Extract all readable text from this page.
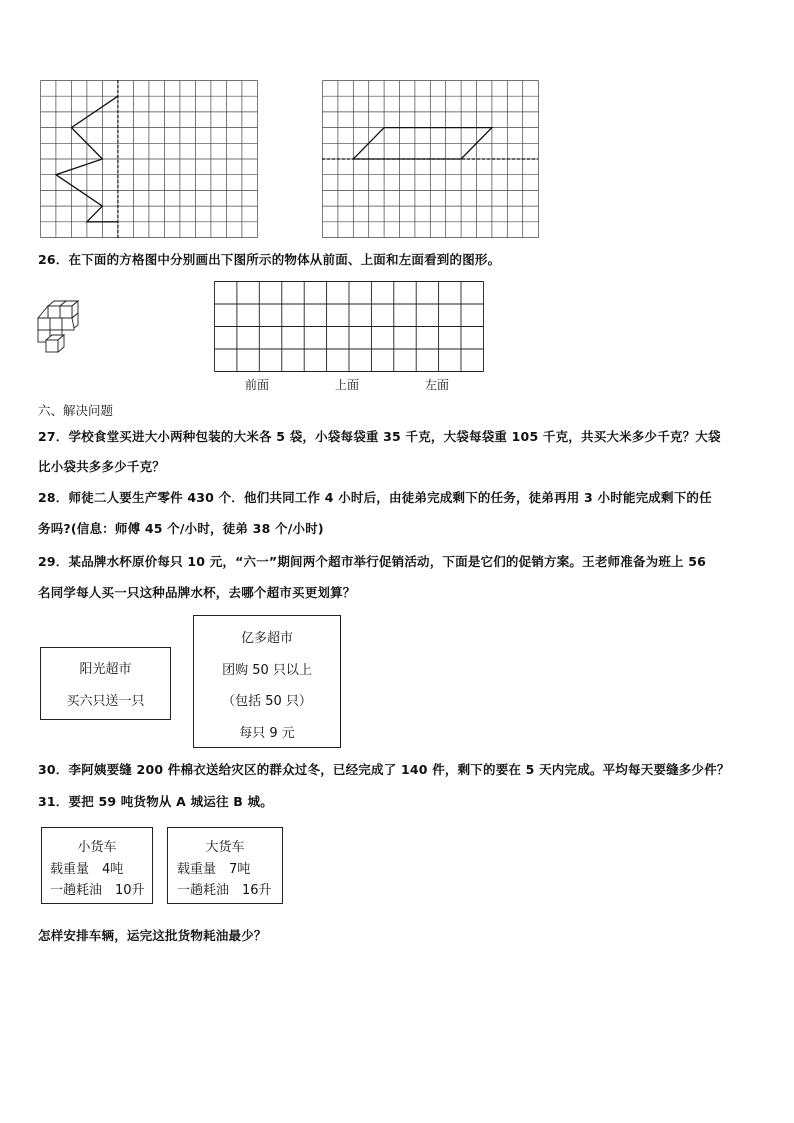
26．在下面的方格图中分别画出下图所示的物体从前面、上面和左面看到的图形。
前面	上面	左面
六、解决问题
27．学校食堂买进大小两种包装的大米各 5 袋，小袋每袋重 35 千克，大袋每袋重 105 千克，共买大米多少千克？大袋
比小袋共多多少千克？
28．师徒二人要生产零件 430 个．他们共同工作 4 小时后，由徒弟完成剩下的任务，徒弟再用 3 小时能完成剩下的任
务吗?(信息：师傅 45 个/小时，徒弟 38 个/小时)
29．某品牌水杯原价每只 10 元，“六一”期间两个超市举行促销活动，下面是它们的促销方案。王老师准备为班上 56
名同学每人买一只这种品牌水杯，去哪个超市买更划算？
阳光超市
买六只送一只
亿多超市
团购 50 只以上
（包括 50 只）
每只 9 元
30．李阿姨要缝 200 件棉衣送给灾区的群众过冬，已经完成了 140 件，剩下的要在 5 天内完成。平均每天要缝多少件？
31．要把 59 吨货物从 A 城运往 B 城。
小货车
载重量 4吨
一趟耗油 10升
大货车
载重量 7吨
一趟耗油 16升
怎样安排车辆，运完这批货物耗油最少？
